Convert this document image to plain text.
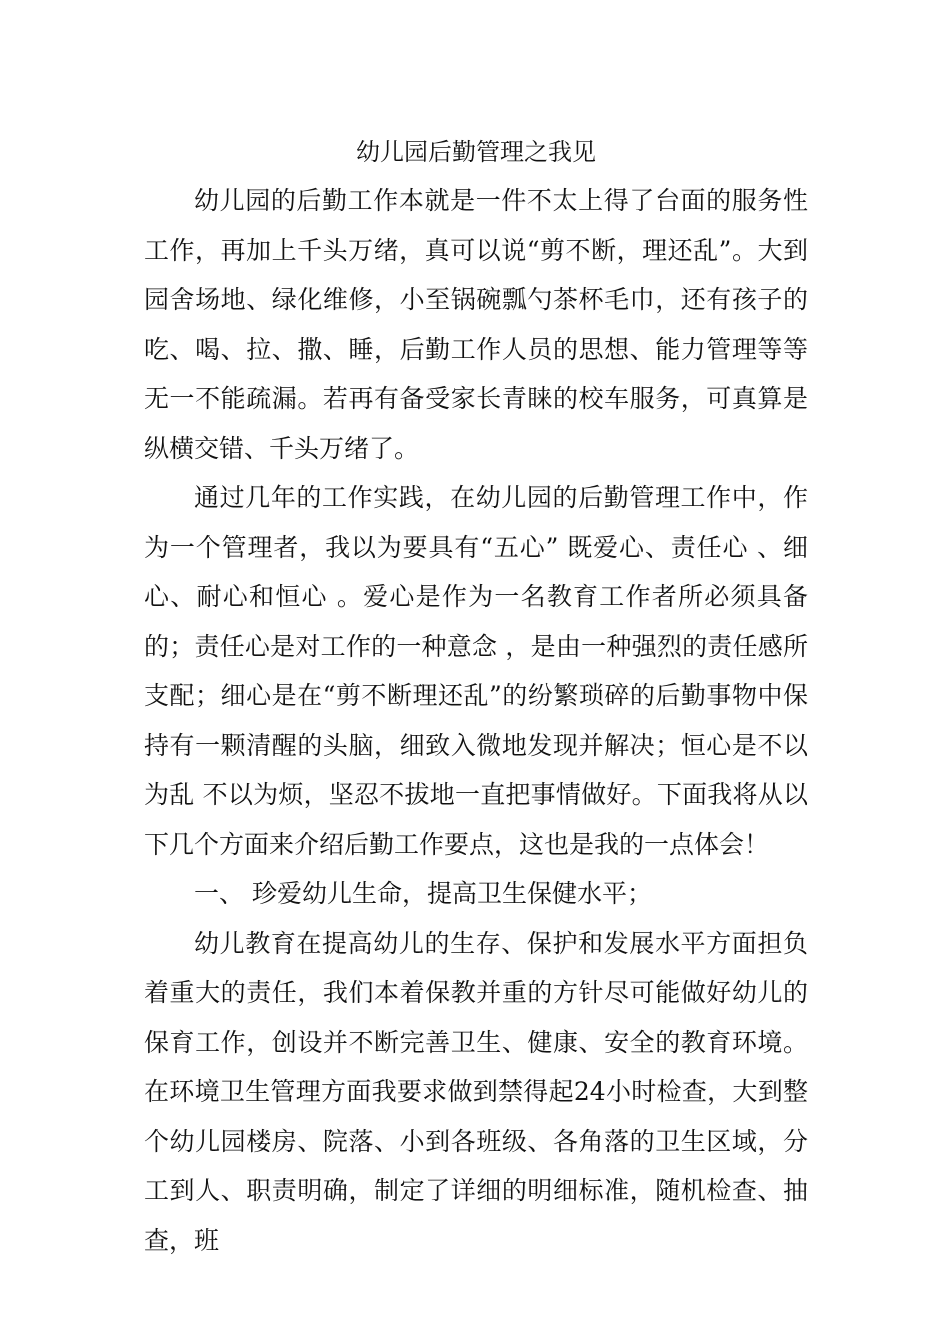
幼儿园后勤管理之我见

幼儿园的后勤工作本就是一件不太上得了台面的服务性工作，再加上千头万绪，真可以说“剪不断，理还乱”。大到园舍场地、绿化维修，小至锅碗瓢勺茶杯毛巾，还有孩子的吃、喝、拉、撒、睡，后勤工作人员的思想、能力管理等等无一不能疏漏。若再有备受家长青睐的校车服务，可真算是纵横交错、千头万绪了。

通过几年的工作实践，在幼儿园的后勤管理工作中，作为一个管理者，我以为要具有“五心” 既爱心、责任心 、细心、耐心和恒心 。爱心是作为一名教育工作者所必须具备的；责任心是对工作的一种意念 ，是由一种强烈的责任感所支配；细心是在“剪不断理还乱”的纷繁琐碎的后勤事物中保持有一颗清醒的头脑，细致入微地发现并解决；恒心是不以为乱 不以为烦，坚忍不拔地一直把事情做好。下面我将从以下几个方面来介绍后勤工作要点，这也是我的一点体会！

一、 珍爱幼儿生命，提高卫生保健水平；

幼儿教育在提高幼儿的生存、保护和发展水平方面担负着重大的责任，我们本着保教并重的方针尽可能做好幼儿的保育工作，创设并不断完善卫生、健康、安全的教育环境。在环境卫生管理方面我要求做到禁得起24小时检查，大到整个幼儿园楼房、院落、小到各班级、各角落的卫生区域，分工到人、职责明确，制定了详细的明细标准，随机检查、抽查，班
